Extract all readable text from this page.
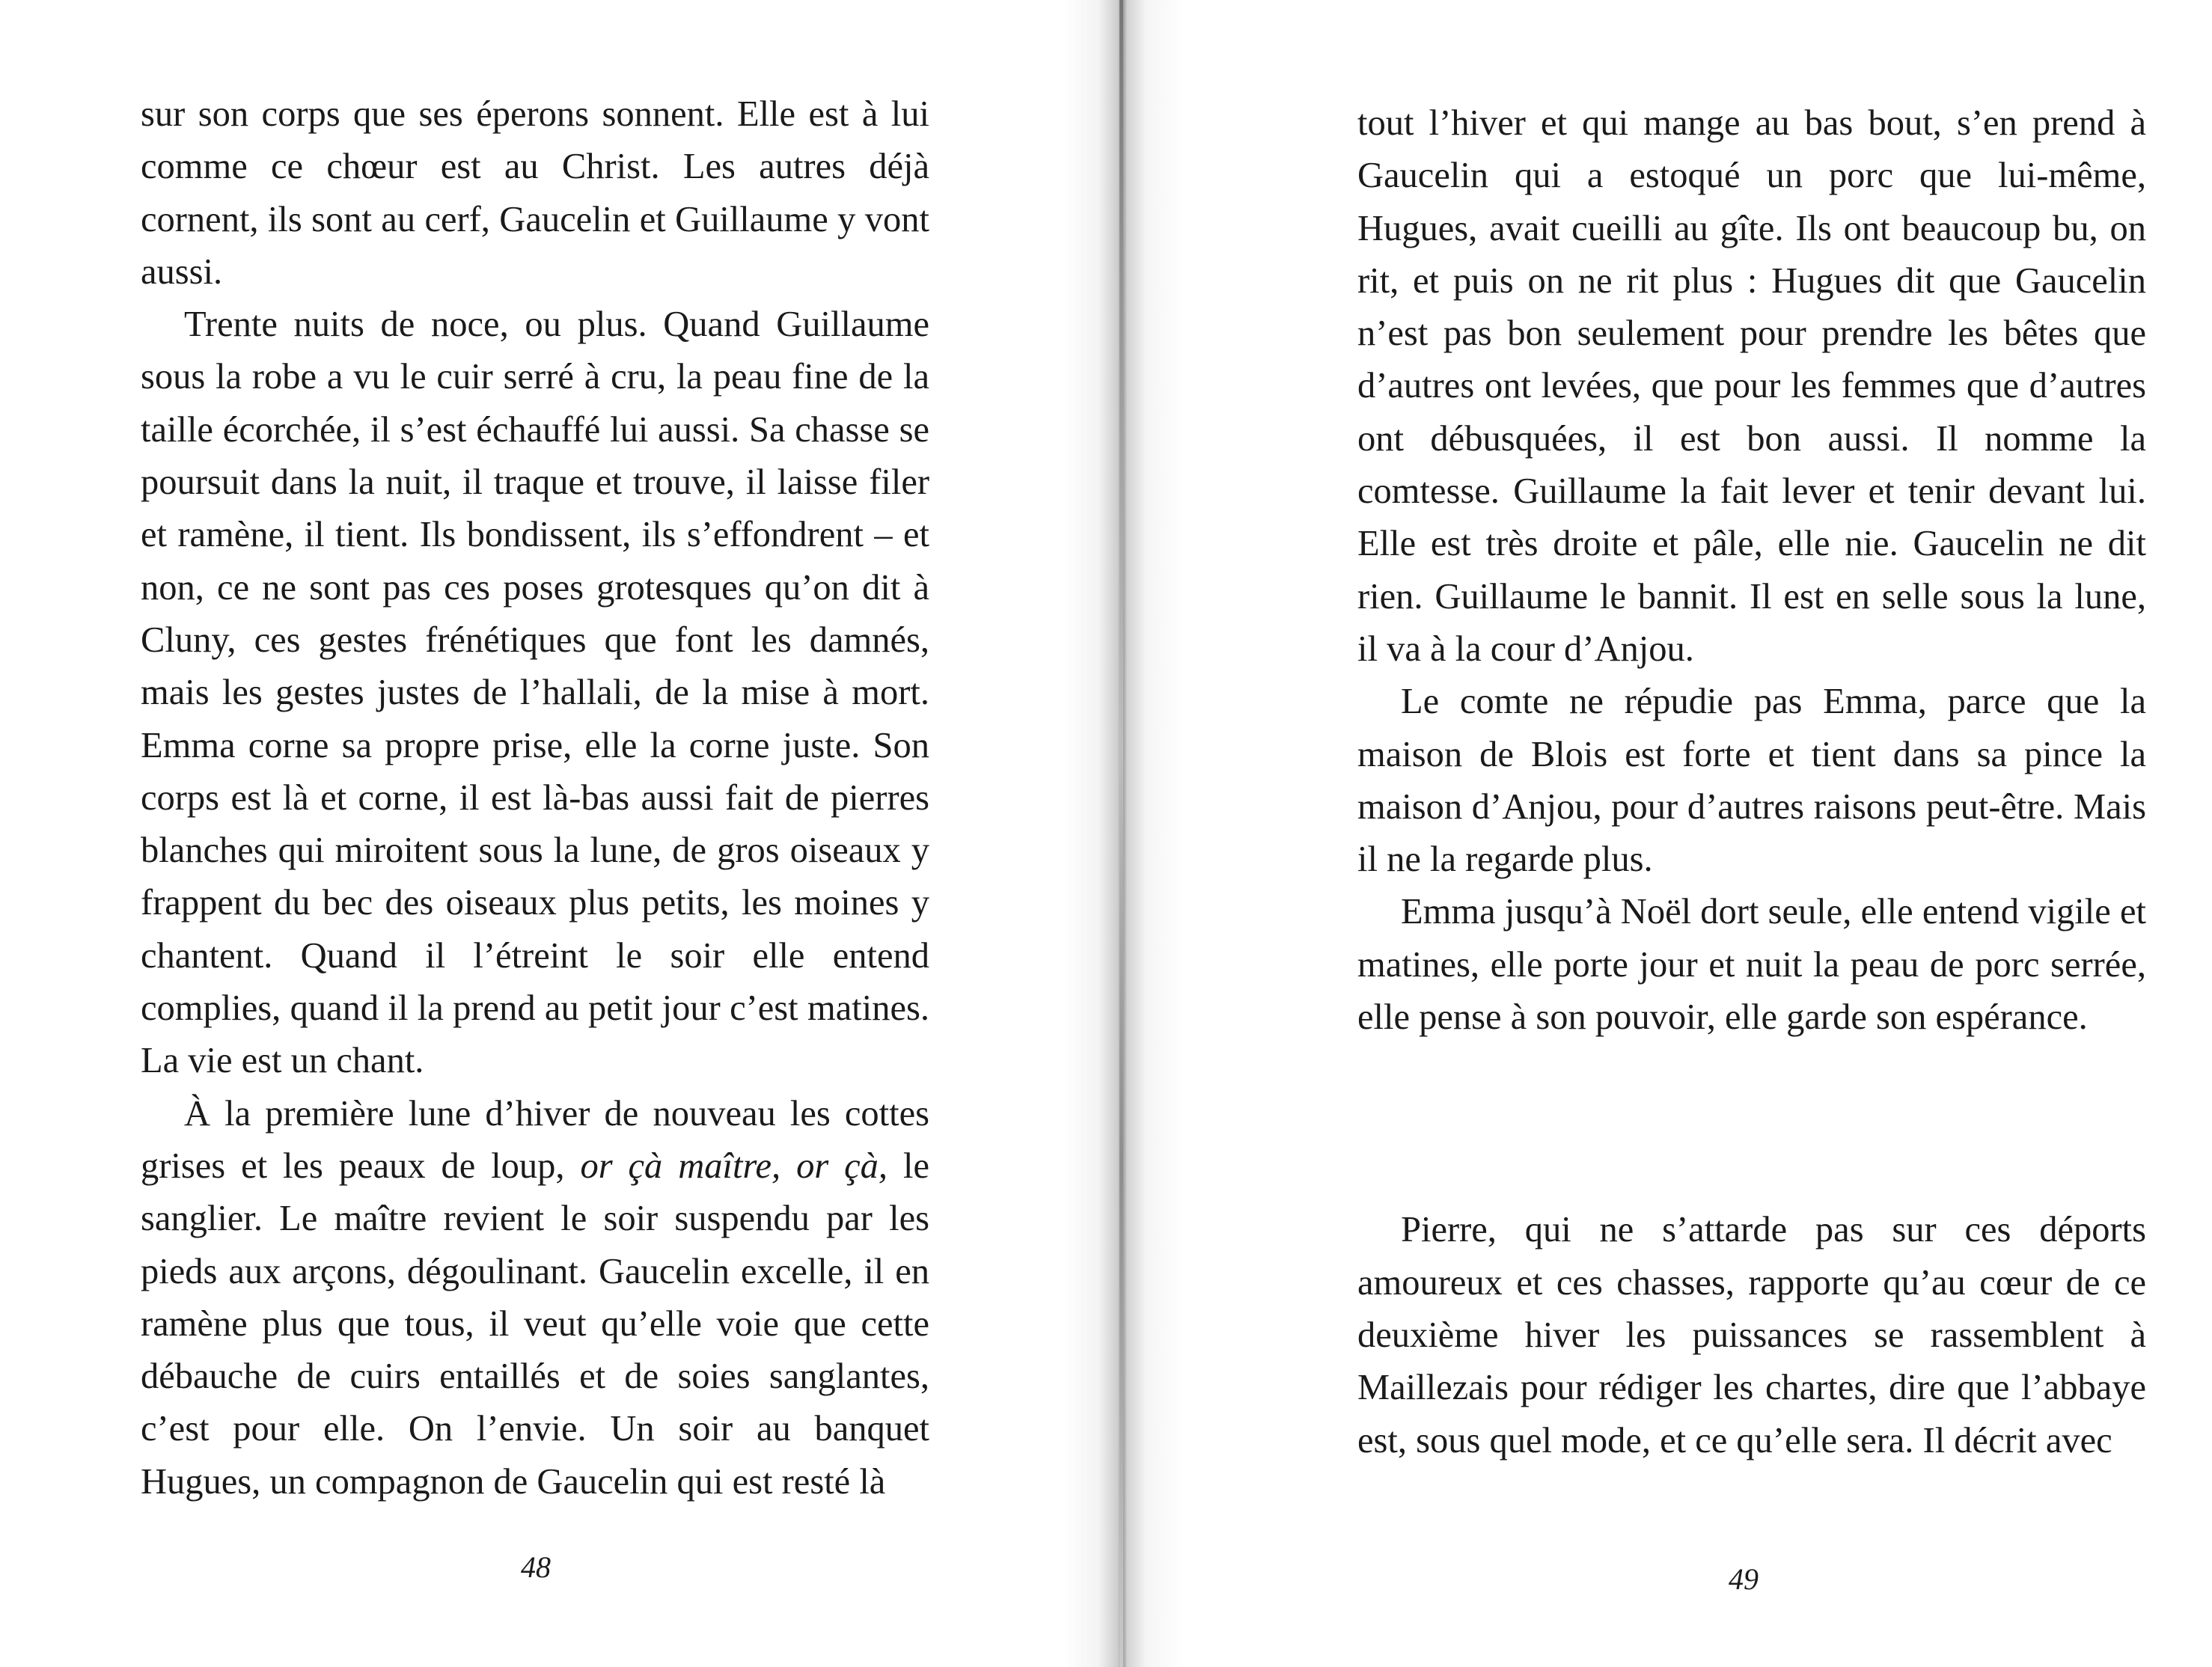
sur son corps que ses éperons sonnent. Elle est à lui comme ce chœur est au Christ. Les autres déjà cornent, ils sont au cerf, Gaucelin et Guillaume y vont aussi.

Trente nuits de noce, ou plus. Quand Guillaume sous la robe a vu le cuir serré à cru, la peau fine de la taille écorchée, il s’est échauffé lui aussi. Sa chasse se poursuit dans la nuit, il traque et trouve, il laisse filer et ramène, il tient. Ils bondissent, ils s’effondrent – et non, ce ne sont pas ces poses grotesques qu’on dit à Cluny, ces gestes frénétiques que font les damnés, mais les gestes justes de l’hallali, de la mise à mort. Emma corne sa propre prise, elle la corne juste. Son corps est là et corne, il est là-bas aussi fait de pierres blanches qui miroitent sous la lune, de gros oiseaux y frappent du bec des oiseaux plus petits, les moines y chantent. Quand il l’étreint le soir elle entend complies, quand il la prend au petit jour c’est matines. La vie est un chant.

À la première lune d’hiver de nouveau les cottes grises et les peaux de loup, or çà maître, or çà, le sanglier. Le maître revient le soir suspendu par les pieds aux arçons, dégoulinant. Gaucelin excelle, il en ramène plus que tous, il veut qu’elle voie que cette débauche de cuirs entaillés et de soies sanglantes, c’est pour elle. On l’envie. Un soir au banquet Hugues, un compagnon de Gaucelin qui est resté là

48

tout l’hiver et qui mange au bas bout, s’en prend à Gaucelin qui a estoqué un porc que lui-même, Hugues, avait cueilli au gîte. Ils ont beaucoup bu, on rit, et puis on ne rit plus : Hugues dit que Gaucelin n’est pas bon seulement pour prendre les bêtes que d’autres ont levées, que pour les femmes que d’autres ont débusquées, il est bon aussi. Il nomme la comtesse. Guillaume la fait lever et tenir devant lui. Elle est très droite et pâle, elle nie. Gaucelin ne dit rien. Guillaume le bannit. Il est en selle sous la lune, il va à la cour d’Anjou.

Le comte ne répudie pas Emma, parce que la maison de Blois est forte et tient dans sa pince la maison d’Anjou, pour d’autres raisons peut-être. Mais il ne la regarde plus.

Emma jusqu’à Noël dort seule, elle entend vigile et matines, elle porte jour et nuit la peau de porc serrée, elle pense à son pouvoir, elle garde son espérance.

Pierre, qui ne s’attarde pas sur ces déports amoureux et ces chasses, rapporte qu’au cœur de ce deuxième hiver les puissances se rassemblent à Maillezais pour rédiger les chartes, dire que l’abbaye est, sous quel mode, et ce qu’elle sera. Il décrit avec

49
